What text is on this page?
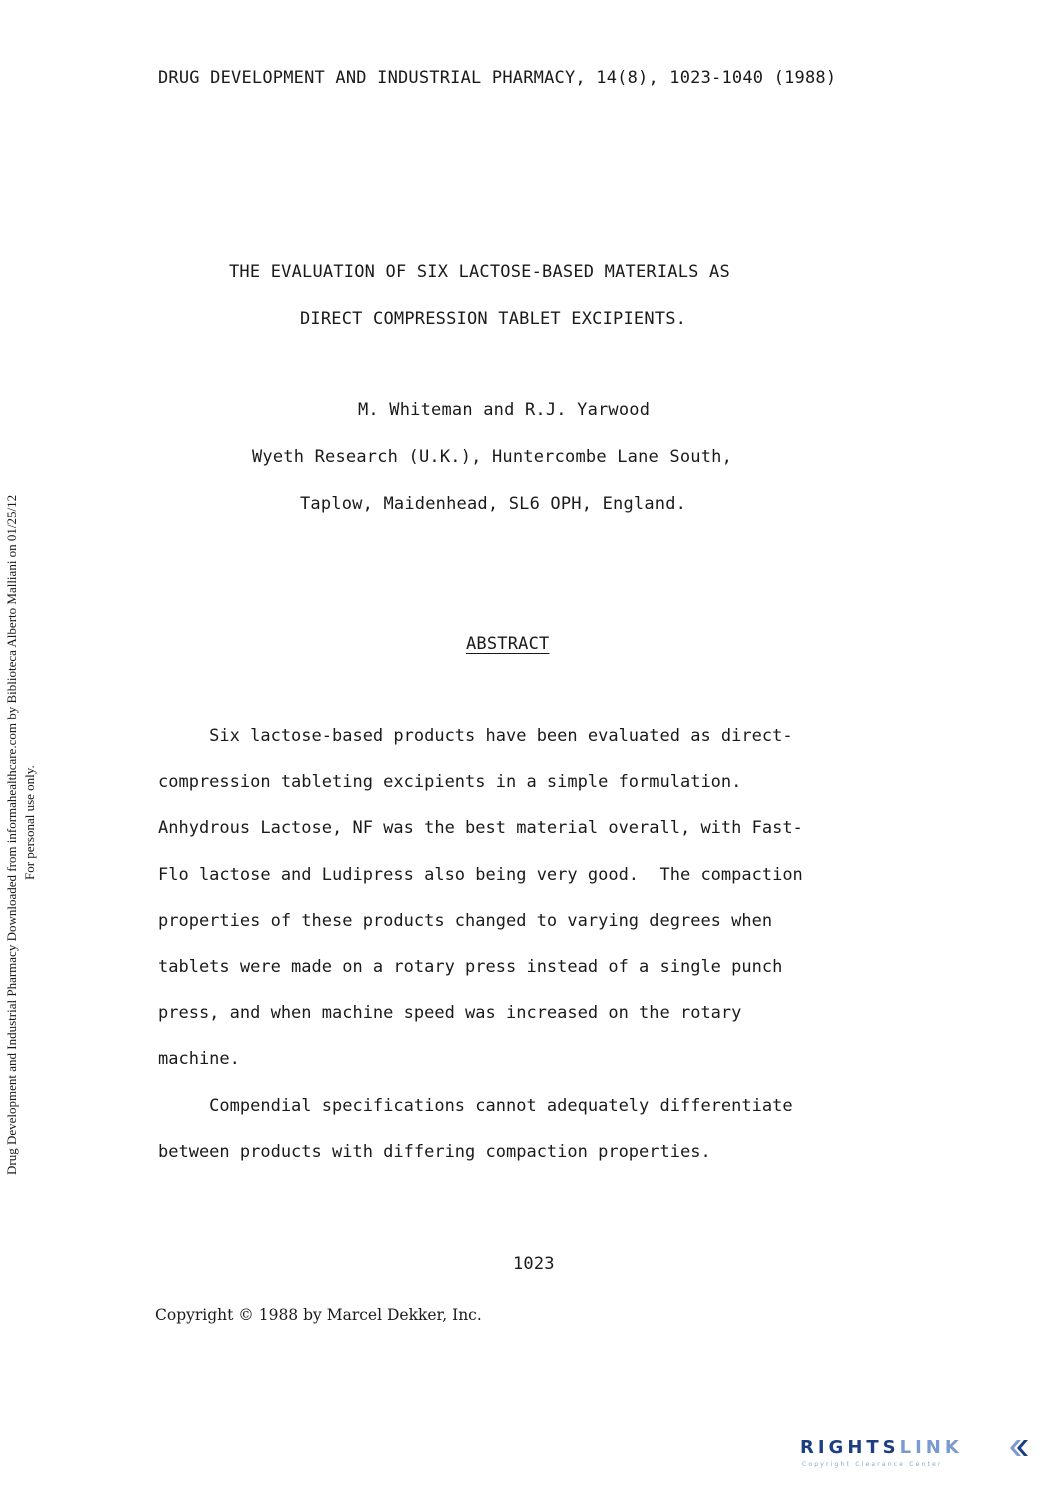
Drug Development and Industrial Pharmacy Downloaded from informahealthcare.com by Biblioteca Alberto Malliani on 01/25/12 For personal use only.
DRUG DEVELOPMENT AND INDUSTRIAL PHARMACY, 14(8), 1023-1040 (1988)
THE EVALUATION OF SIX LACTOSE-BASED MATERIALS AS
DIRECT COMPRESSION TABLET EXCIPIENTS.
M. Whiteman and R.J. Yarwood
Wyeth Research (U.K.), Huntercombe Lane South,
Taplow, Maidenhead, SL6 OPH, England.
ABSTRACT
Six lactose-based products have been evaluated as direct-
compression tableting excipients in a simple formulation.
Anhydrous Lactose, NF was the best material overall, with Fast-
Flo lactose and Ludipress also being very good.  The compaction
properties of these products changed to varying degrees when
tablets were made on a rotary press instead of a single punch
press, and when machine speed was increased on the rotary
machine.
Compendial specifications cannot adequately differentiate
between products with differing compaction properties.
1023
Copyright © 1988 by Marcel Dekker, Inc.
RIGHTSLINK
Copyright Clearance Center
